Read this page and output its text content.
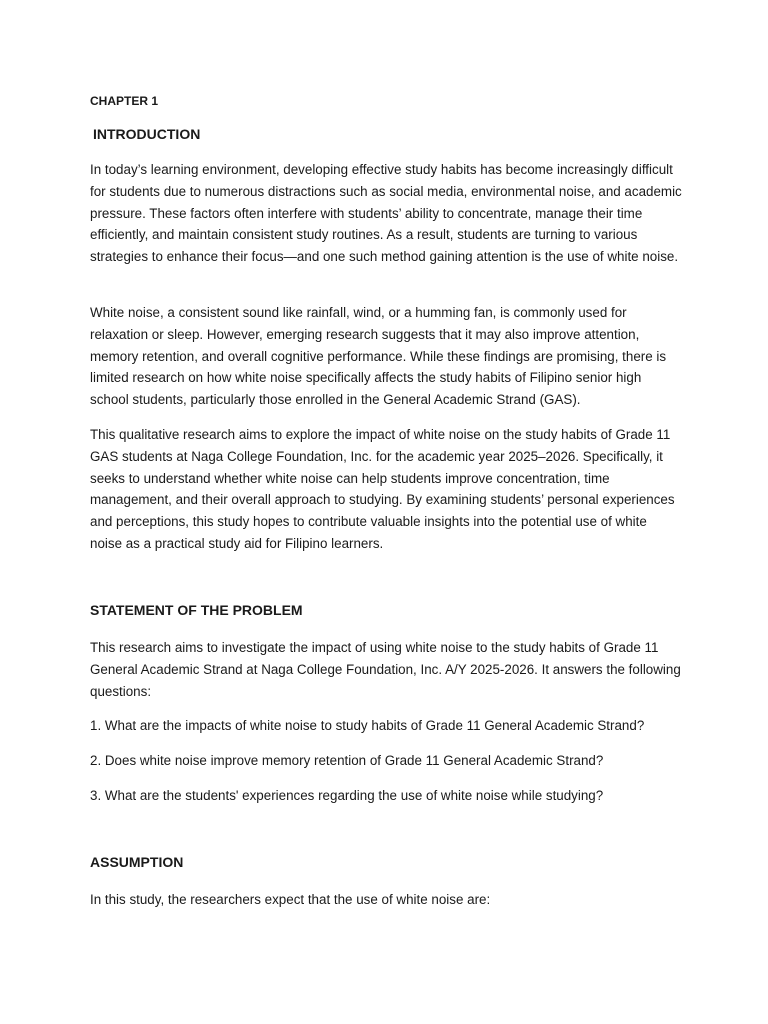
CHAPTER 1

INTRODUCTION

In today’s learning environment, developing effective study habits has become increasingly difficult for students due to numerous distractions such as social media, environmental noise, and academic pressure. These factors often interfere with students’ ability to concentrate, manage their time efficiently, and maintain consistent study routines. As a result, students are turning to various strategies to enhance their focus—and one such method gaining attention is the use of white noise.

White noise, a consistent sound like rainfall, wind, or a humming fan, is commonly used for relaxation or sleep. However, emerging research suggests that it may also improve attention, memory retention, and overall cognitive performance. While these findings are promising, there is limited research on how white noise specifically affects the study habits of Filipino senior high school students, particularly those enrolled in the General Academic Strand (GAS).

This qualitative research aims to explore the impact of white noise on the study habits of Grade 11 GAS students at Naga College Foundation, Inc. for the academic year 2025–2026. Specifically, it seeks to understand whether white noise can help students improve concentration, time management, and their overall approach to studying. By examining students’ personal experiences and perceptions, this study hopes to contribute valuable insights into the potential use of white noise as a practical study aid for Filipino learners.

STATEMENT OF THE PROBLEM

This research aims to investigate the impact of using white noise to the study habits of Grade 11 General Academic Strand at Naga College Foundation, Inc. A/Y 2025-2026. It answers the following questions:

1. What are the impacts of white noise to study habits of Grade 11 General Academic Strand?

2. Does white noise improve memory retention of Grade 11 General Academic Strand?

3. What are the students' experiences regarding the use of white noise while studying?

ASSUMPTION

In this study, the researchers expect that the use of white noise are:
